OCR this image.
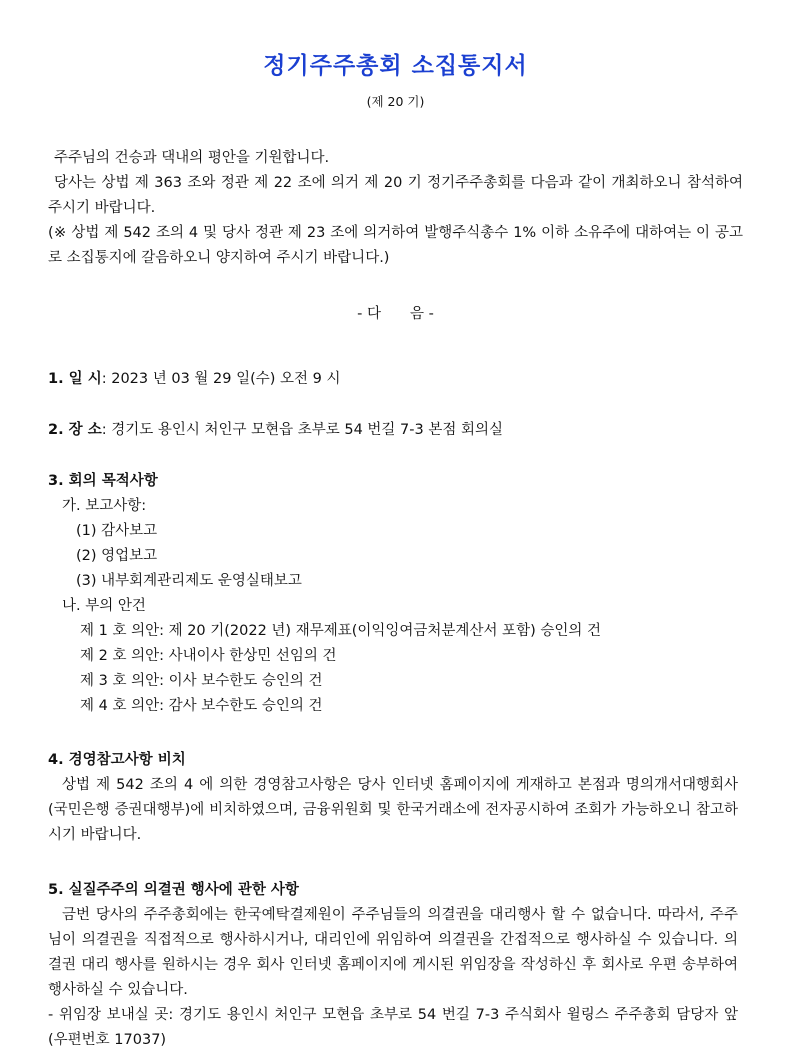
정기주주총회 소집통지서
(제 20 기)
주주님의 건승과 댁내의 평안을 기원합니다.
당사는 상법 제 363 조와 정관 제 22 조에 의거 제 20 기 정기주주총회를 다음과 같이 개최하오니 참석하여 주시기 바랍니다.
(※ 상법 제 542 조의 4 및 당사 정관 제 23 조에 의거하여 발행주식총수 1% 이하 소유주에 대하여는 이 공고로 소집통지에 갈음하오니 양지하여 주시기 바랍니다.)
- 다　　음 -
1. 일 시: 2023 년 03 월 29 일(수) 오전 9 시
2. 장 소: 경기도 용인시 처인구 모현읍 초부로 54 번길 7-3 본점 회의실
3. 회의 목적사항
가. 보고사항:
(1) 감사보고
(2) 영업보고
(3) 내부회계관리제도 운영실태보고
나. 부의 안건
제 1 호 의안: 제 20 기(2022 년) 재무제표(이익잉여금처분계산서 포함) 승인의 건
제 2 호 의안: 사내이사 한상민 선임의 건
제 3 호 의안: 이사 보수한도 승인의 건
제 4 호 의안: 감사 보수한도 승인의 건
4. 경영참고사항 비치
상법 제 542 조의 4 에 의한 경영참고사항은 당사 인터넷 홈페이지에 게재하고 본점과 명의개서대행회사(국민은행 증권대행부)에 비치하였으며, 금융위원회 및 한국거래소에 전자공시하여 조회가 가능하오니 참고하시기 바랍니다.
5. 실질주주의 의결권 행사에 관한 사항
금번 당사의 주주총회에는 한국예탁결제원이 주주님들의 의결권을 대리행사 할 수 없습니다. 따라서, 주주님이 의결권을 직접적으로 행사하시거나, 대리인에 위임하여 의결권을 간접적으로 행사하실 수 있습니다. 의결권 대리 행사를 원하시는 경우 회사 인터넷 홈페이지에 게시된 위임장을 작성하신 후 회사로 우편 송부하여 행사하실 수 있습니다.
- 위임장 보내실 곳: 경기도 용인시 처인구 모현읍 초부로 54 번길 7-3 주식회사 윌링스 주주총회 담당자 앞 (우편번호 17037)
